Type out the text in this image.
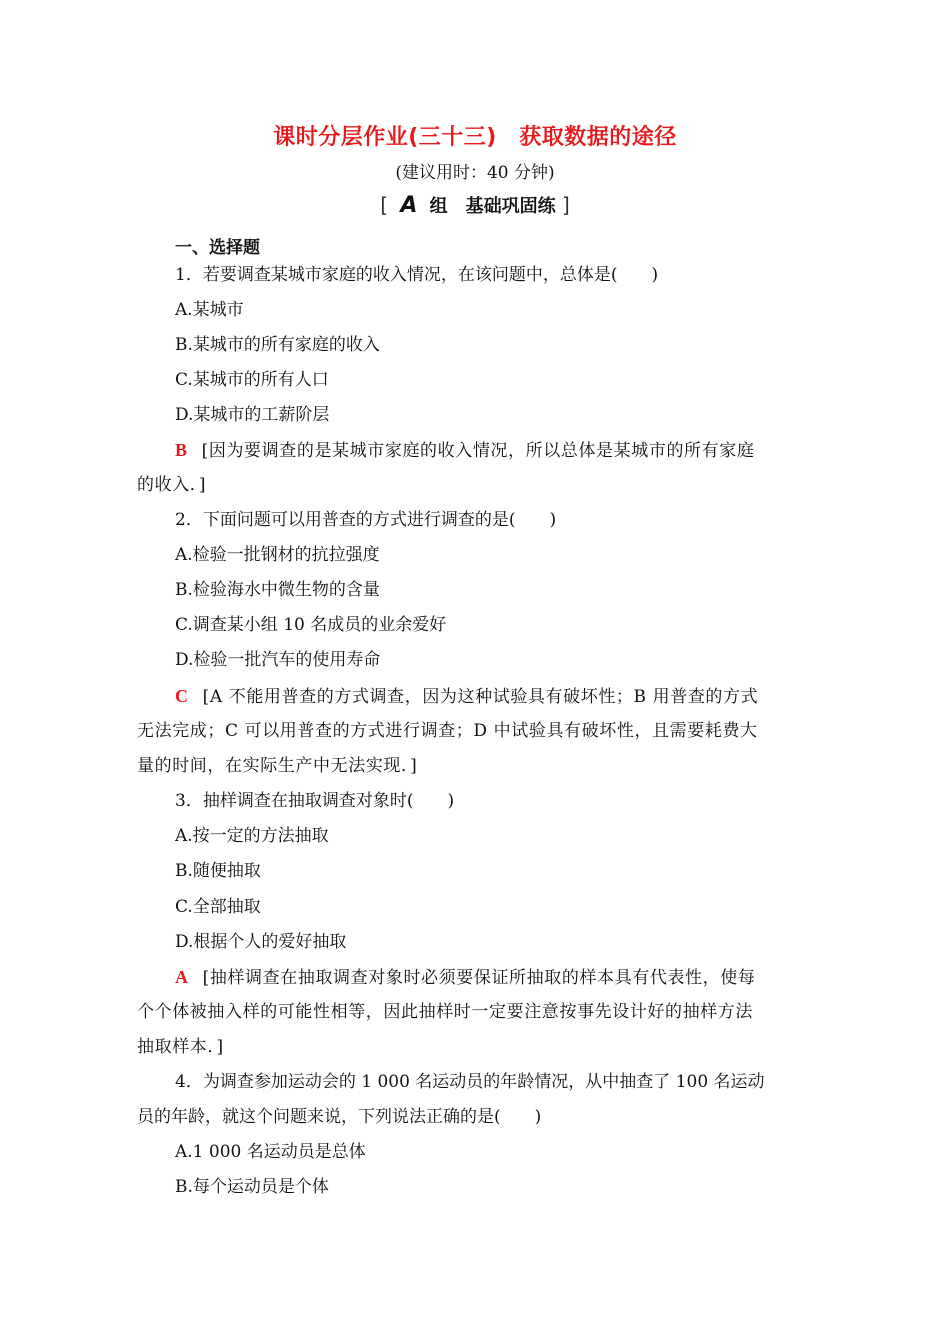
课时分层作业(三十三)　获取数据的途径
(建议用时：40 分钟)
[ A 组　基础巩固练 ]
一、选择题
1．若要调查某城市家庭的收入情况，在该问题中，总体是(　　)
A.某城市
B.某城市的所有家庭的收入
C.某城市的所有人口
D.某城市的工薪阶层
B [因为要调查的是某城市家庭的收入情况，所以总体是某城市的所有家庭
的收入．]
2．下面问题可以用普查的方式进行调查的是(　　)
A.检验一批钢材的抗拉强度
B.检验海水中微生物的含量
C.调查某小组 10 名成员的业余爱好
D.检验一批汽车的使用寿命
C [A 不能用普查的方式调查，因为这种试验具有破坏性；B 用普查的方式
无法完成；C 可以用普查的方式进行调查；D 中试验具有破坏性，且需要耗费大
量的时间，在实际生产中无法实现．]
3．抽样调查在抽取调查对象时(　　)
A.按一定的方法抽取
B.随便抽取
C.全部抽取
D.根据个人的爱好抽取
A [抽样调查在抽取调查对象时必须要保证所抽取的样本具有代表性，使每
个个体被抽入样的可能性相等，因此抽样时一定要注意按事先设计好的抽样方法
抽取样本．]
4．为调查参加运动会的 1 000 名运动员的年龄情况，从中抽查了 100 名运动
员的年龄，就这个问题来说，下列说法正确的是(　　)
A.1 000 名运动员是总体
B.每个运动员是个体
